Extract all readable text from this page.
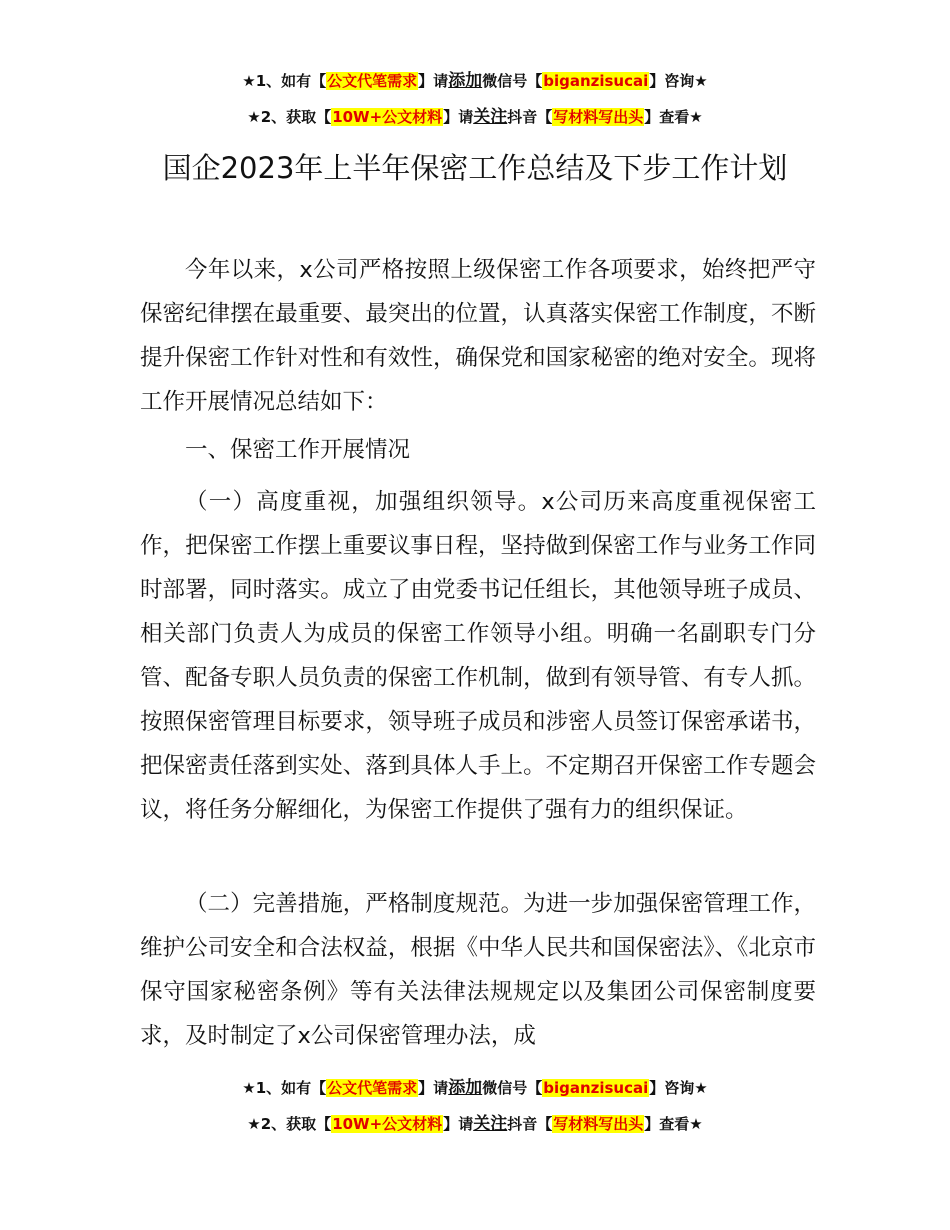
★1、如有【公文代笔需求】请添加微信号【biganzisucai】咨询★
★2、获取【10W+公文材料】请关注抖音【写材料写出头】查看★
国企2023年上半年保密工作总结及下步工作计划

今年以来，x公司严格按照上级保密工作各项要求，始终把严守保密纪律摆在最重要、最突出的位置，认真落实保密工作制度，不断提升保密工作针对性和有效性，确保党和国家秘密的绝对安全。现将工作开展情况总结如下：

一、保密工作开展情况

（一）高度重视，加强组织领导。x公司历来高度重视保密工作，把保密工作摆上重要议事日程，坚持做到保密工作与业务工作同时部署，同时落实。成立了由党委书记任组长，其他领导班子成员、相关部门负责人为成员的保密工作领导小组。明确一名副职专门分管、配备专职人员负责的保密工作机制，做到有领导管、有专人抓。按照保密管理目标要求，领导班子成员和涉密人员签订保密承诺书，把保密责任落到实处、落到具体人手上。不定期召开保密工作专题会议，将任务分解细化，为保密工作提供了强有力的组织保证。

（二）完善措施，严格制度规范。为进一步加强保密管理工作，维护公司安全和合法权益，根据《中华人民共和国保密法》、《北京市保守国家秘密条例》等有关法律法规规定以及集团公司保密制度要求，及时制定了x公司保密管理办法，成

★1、如有【公文代笔需求】请添加微信号【biganzisucai】咨询★
★2、获取【10W+公文材料】请关注抖音【写材料写出头】查看★
